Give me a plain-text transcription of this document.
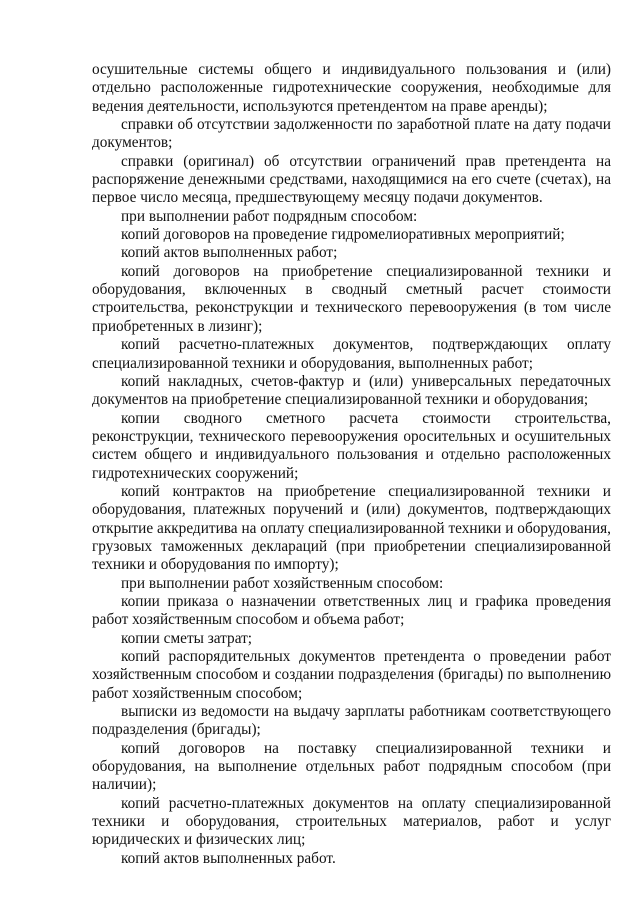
осушительные системы общего и индивидуального пользования и (или) отдельно расположенные гидротехнические сооружения, необходимые для ведения деятельности, используются претендентом на праве аренды);

справки об отсутствии задолженности по заработной плате на дату подачи документов;

справки (оригинал) об отсутствии ограничений прав претендента на распоряжение денежными средствами, находящимися на его счете (счетах), на первое число месяца, предшествующему месяцу подачи документов.

при выполнении работ подрядным способом:

копий договоров на проведение гидромелиоративных мероприятий;

копий актов выполненных работ;

копий договоров на приобретение специализированной техники и оборудования, включенных в сводный сметный расчет стоимости строительства, реконструкции и технического перевооружения (в том числе приобретенных в лизинг);

копий расчетно-платежных документов, подтверждающих оплату специализированной техники и оборудования, выполненных работ;

копий накладных, счетов-фактур и (или) универсальных передаточных документов на приобретение специализированной техники и оборудования;

копии сводного сметного расчета стоимости строительства, реконструкции, технического перевооружения оросительных и осушительных систем общего и индивидуального пользования и отдельно расположенных гидротехнических сооружений;

копий контрактов на приобретение специализированной техники и оборудования, платежных поручений и (или) документов, подтверждающих открытие аккредитива на оплату специализированной техники и оборудования, грузовых таможенных деклараций (при приобретении специализированной техники и оборудования по импорту);

при выполнении работ хозяйственным способом:

копии приказа о назначении ответственных лиц и графика проведения работ хозяйственным способом и объема работ;

копии сметы затрат;

копий распорядительных документов претендента о проведении работ хозяйственным способом и создании подразделения (бригады) по выполнению работ хозяйственным способом;

выписки из ведомости на выдачу зарплаты работникам соответствующего подразделения (бригады);

копий договоров на поставку специализированной техники и оборудования, на выполнение отдельных работ подрядным способом (при наличии);

копий расчетно-платежных документов на оплату специализированной техники и оборудования, строительных материалов, работ и услуг юридических и физических лиц;

копий актов выполненных работ.
